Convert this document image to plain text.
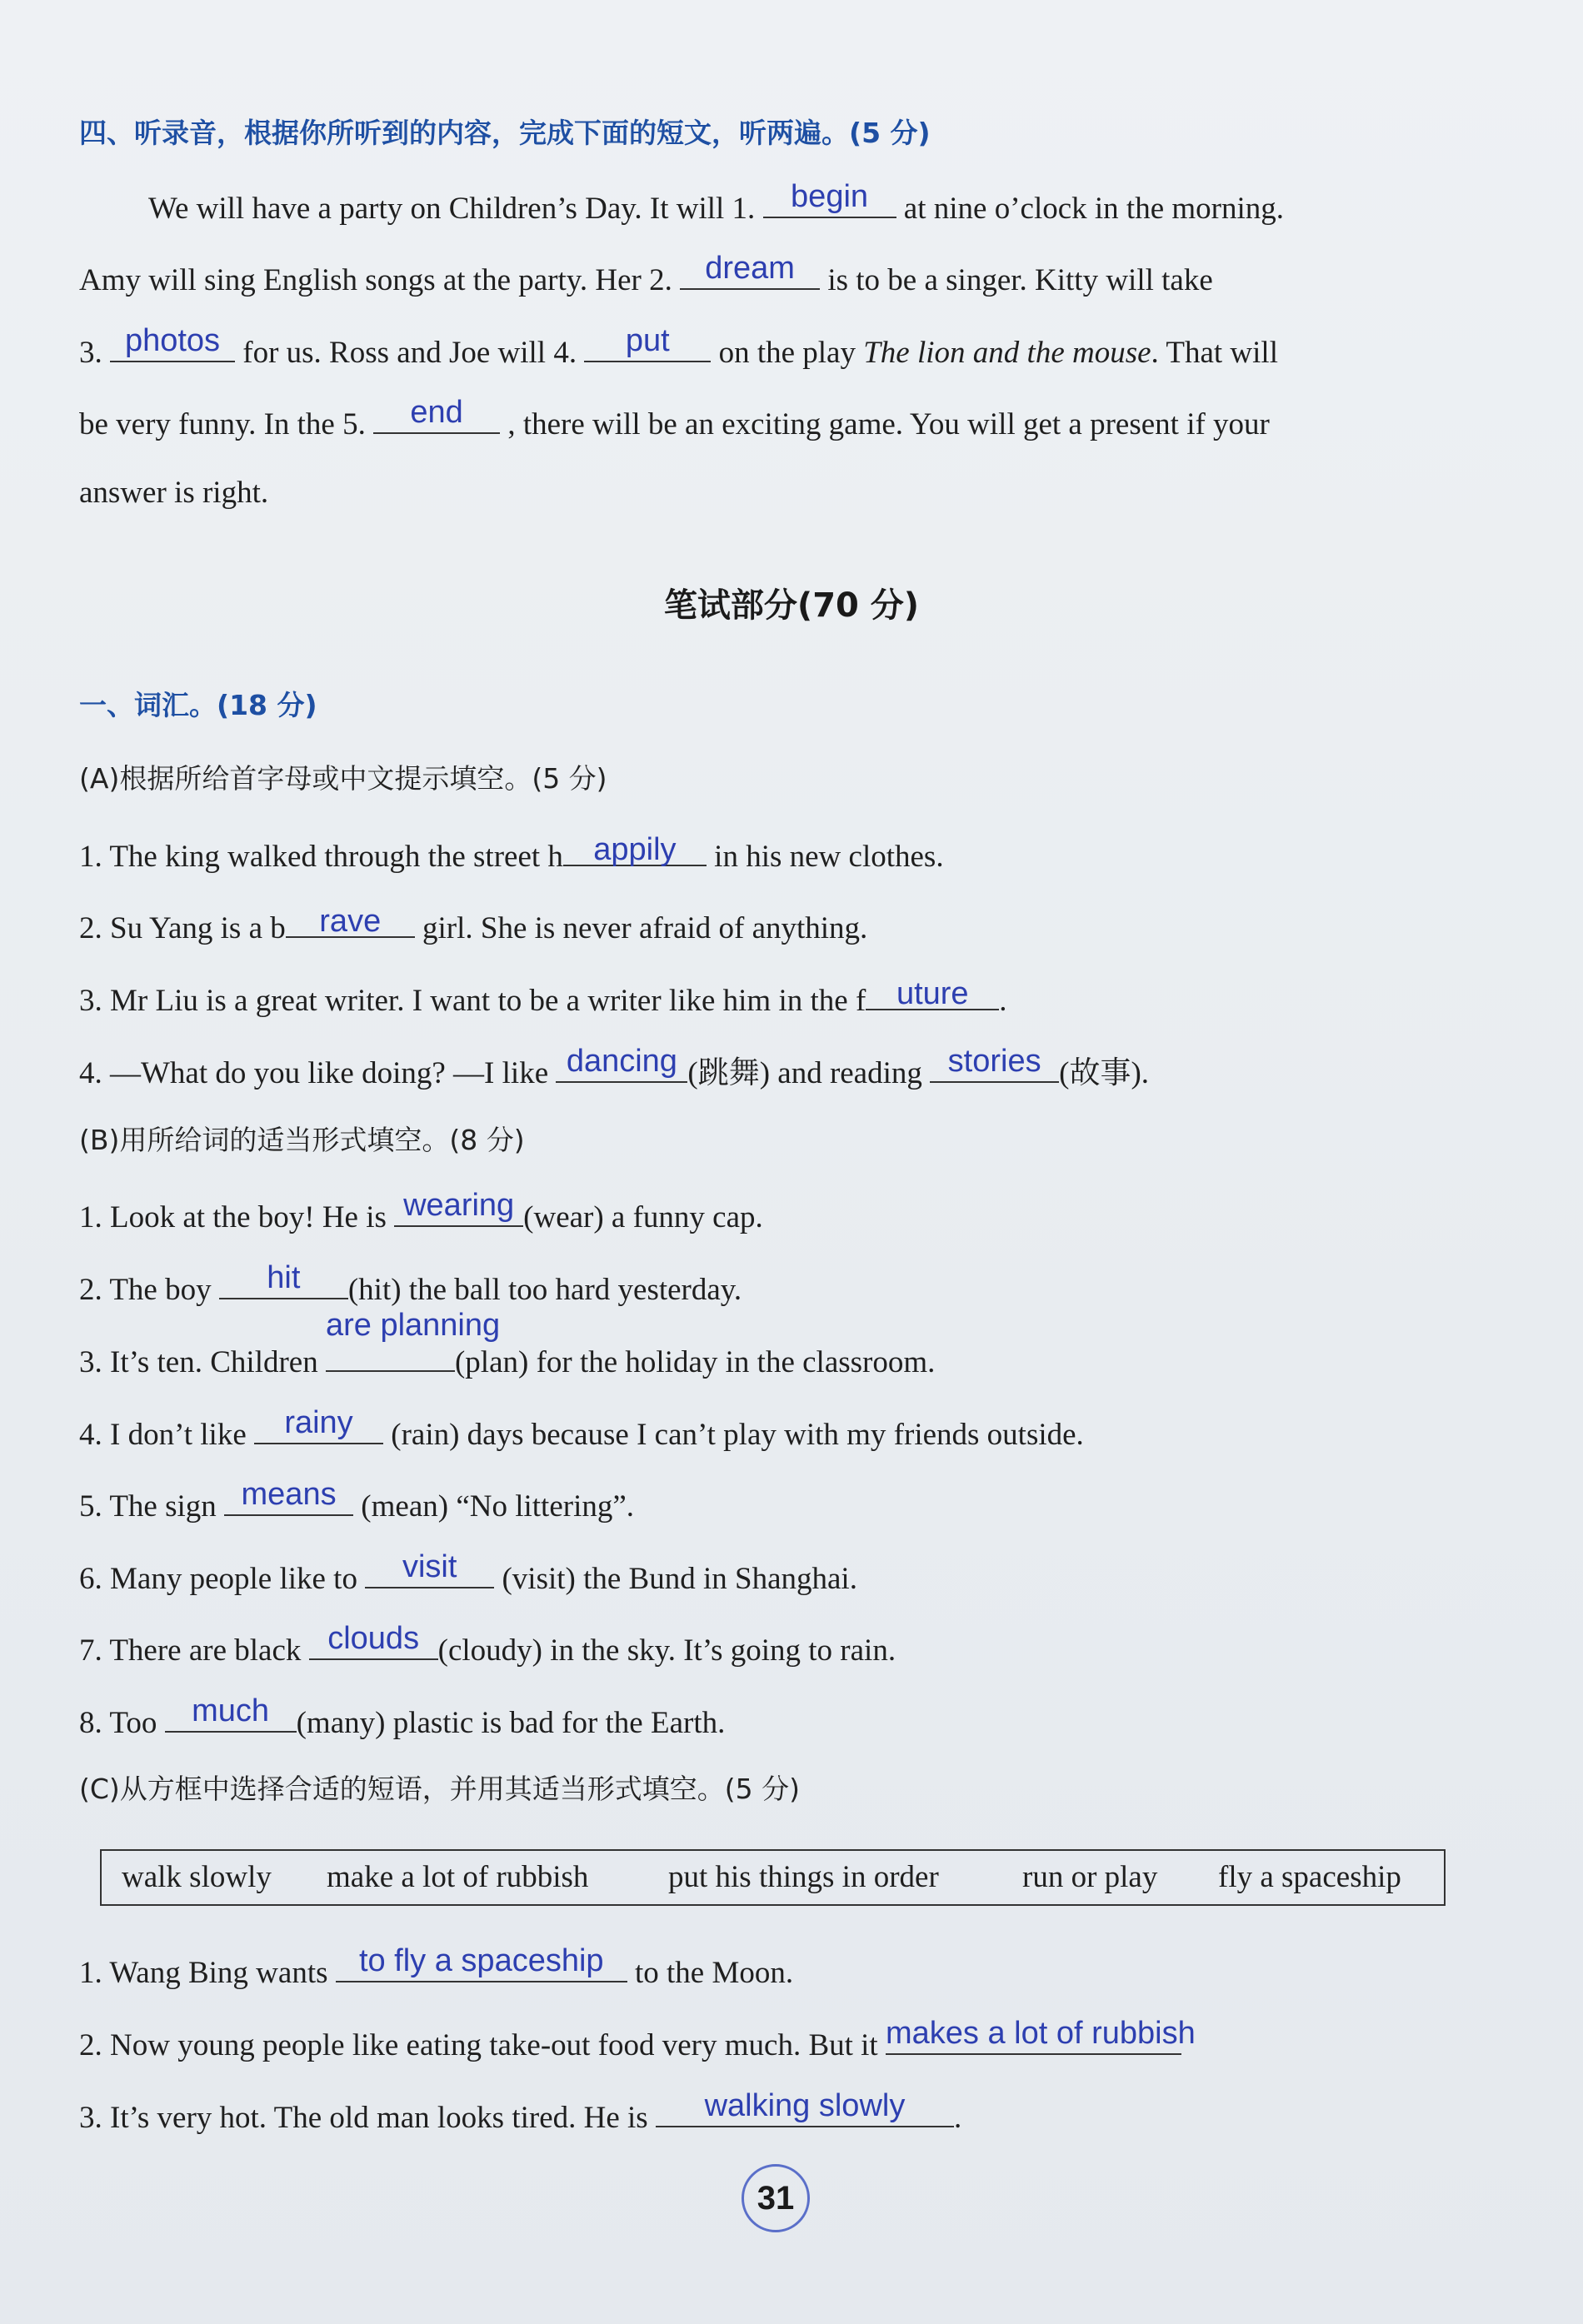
四、听录音，根据你所听到的内容，完成下面的短文，听两遍。(5 分)
We will have a party on Children’s Day. It will 1.	begin	at nine o’clock in the morning.
Amy will sing English songs at the party. Her 2.	dream	is to be a singer. Kitty will take
3. photos for us. Ross and Joe will 4.	put	on the play The lion and the mouse. That will
be very funny. In the 5.	end	, there will be an exciting game. You will get a present if your
answer is right.
笔试部分(70 分)
一、词汇。(18 分)
(A)根据所给首字母或中文提示填空。(5 分)
1. The king walked through the street h appily	in his new clothes.
2. Su Yang is a b	rave	girl. She is never afraid of anything.
3. Mr Liu is a great writer. I want to be a writer like him in the f uture .
4. —What do you like doing? —I like dancing (跳舞) and reading stories (故事).
(B)用所给词的适当形式填空。(8 分)
1. Look at the boy! He is wearing (wear) a funny cap.
2. The boy	hit	(hit) the ball too hard yesterday.
3. It’s ten. Children
are planning
(plan) for the holiday in the classroom.
4. I don’t like	rainy	(rain) days because I can’t play with my friends outside.
5. The sign means (mean) “No littering”.
6. Many people like to	visit	(visit) the Bund in Shanghai.
7. There are black clouds (cloudy) in the sky. It’s going to rain.
8. Too	much (many) plastic is bad for the Earth.
(C)从方框中选择合适的短语，并用其适当形式填空。(5 分)
walk slowly make a lot of rubbish	put his things in order	run or play fly a spaceship
1. Wang Bing wants to fly a spaceship	to the Moon.
2. Now young people like eating take-out food very much. But it makes a lot of rubbish
3. It’s very hot. The old man looks tired. He is	walking slowly	.
31
